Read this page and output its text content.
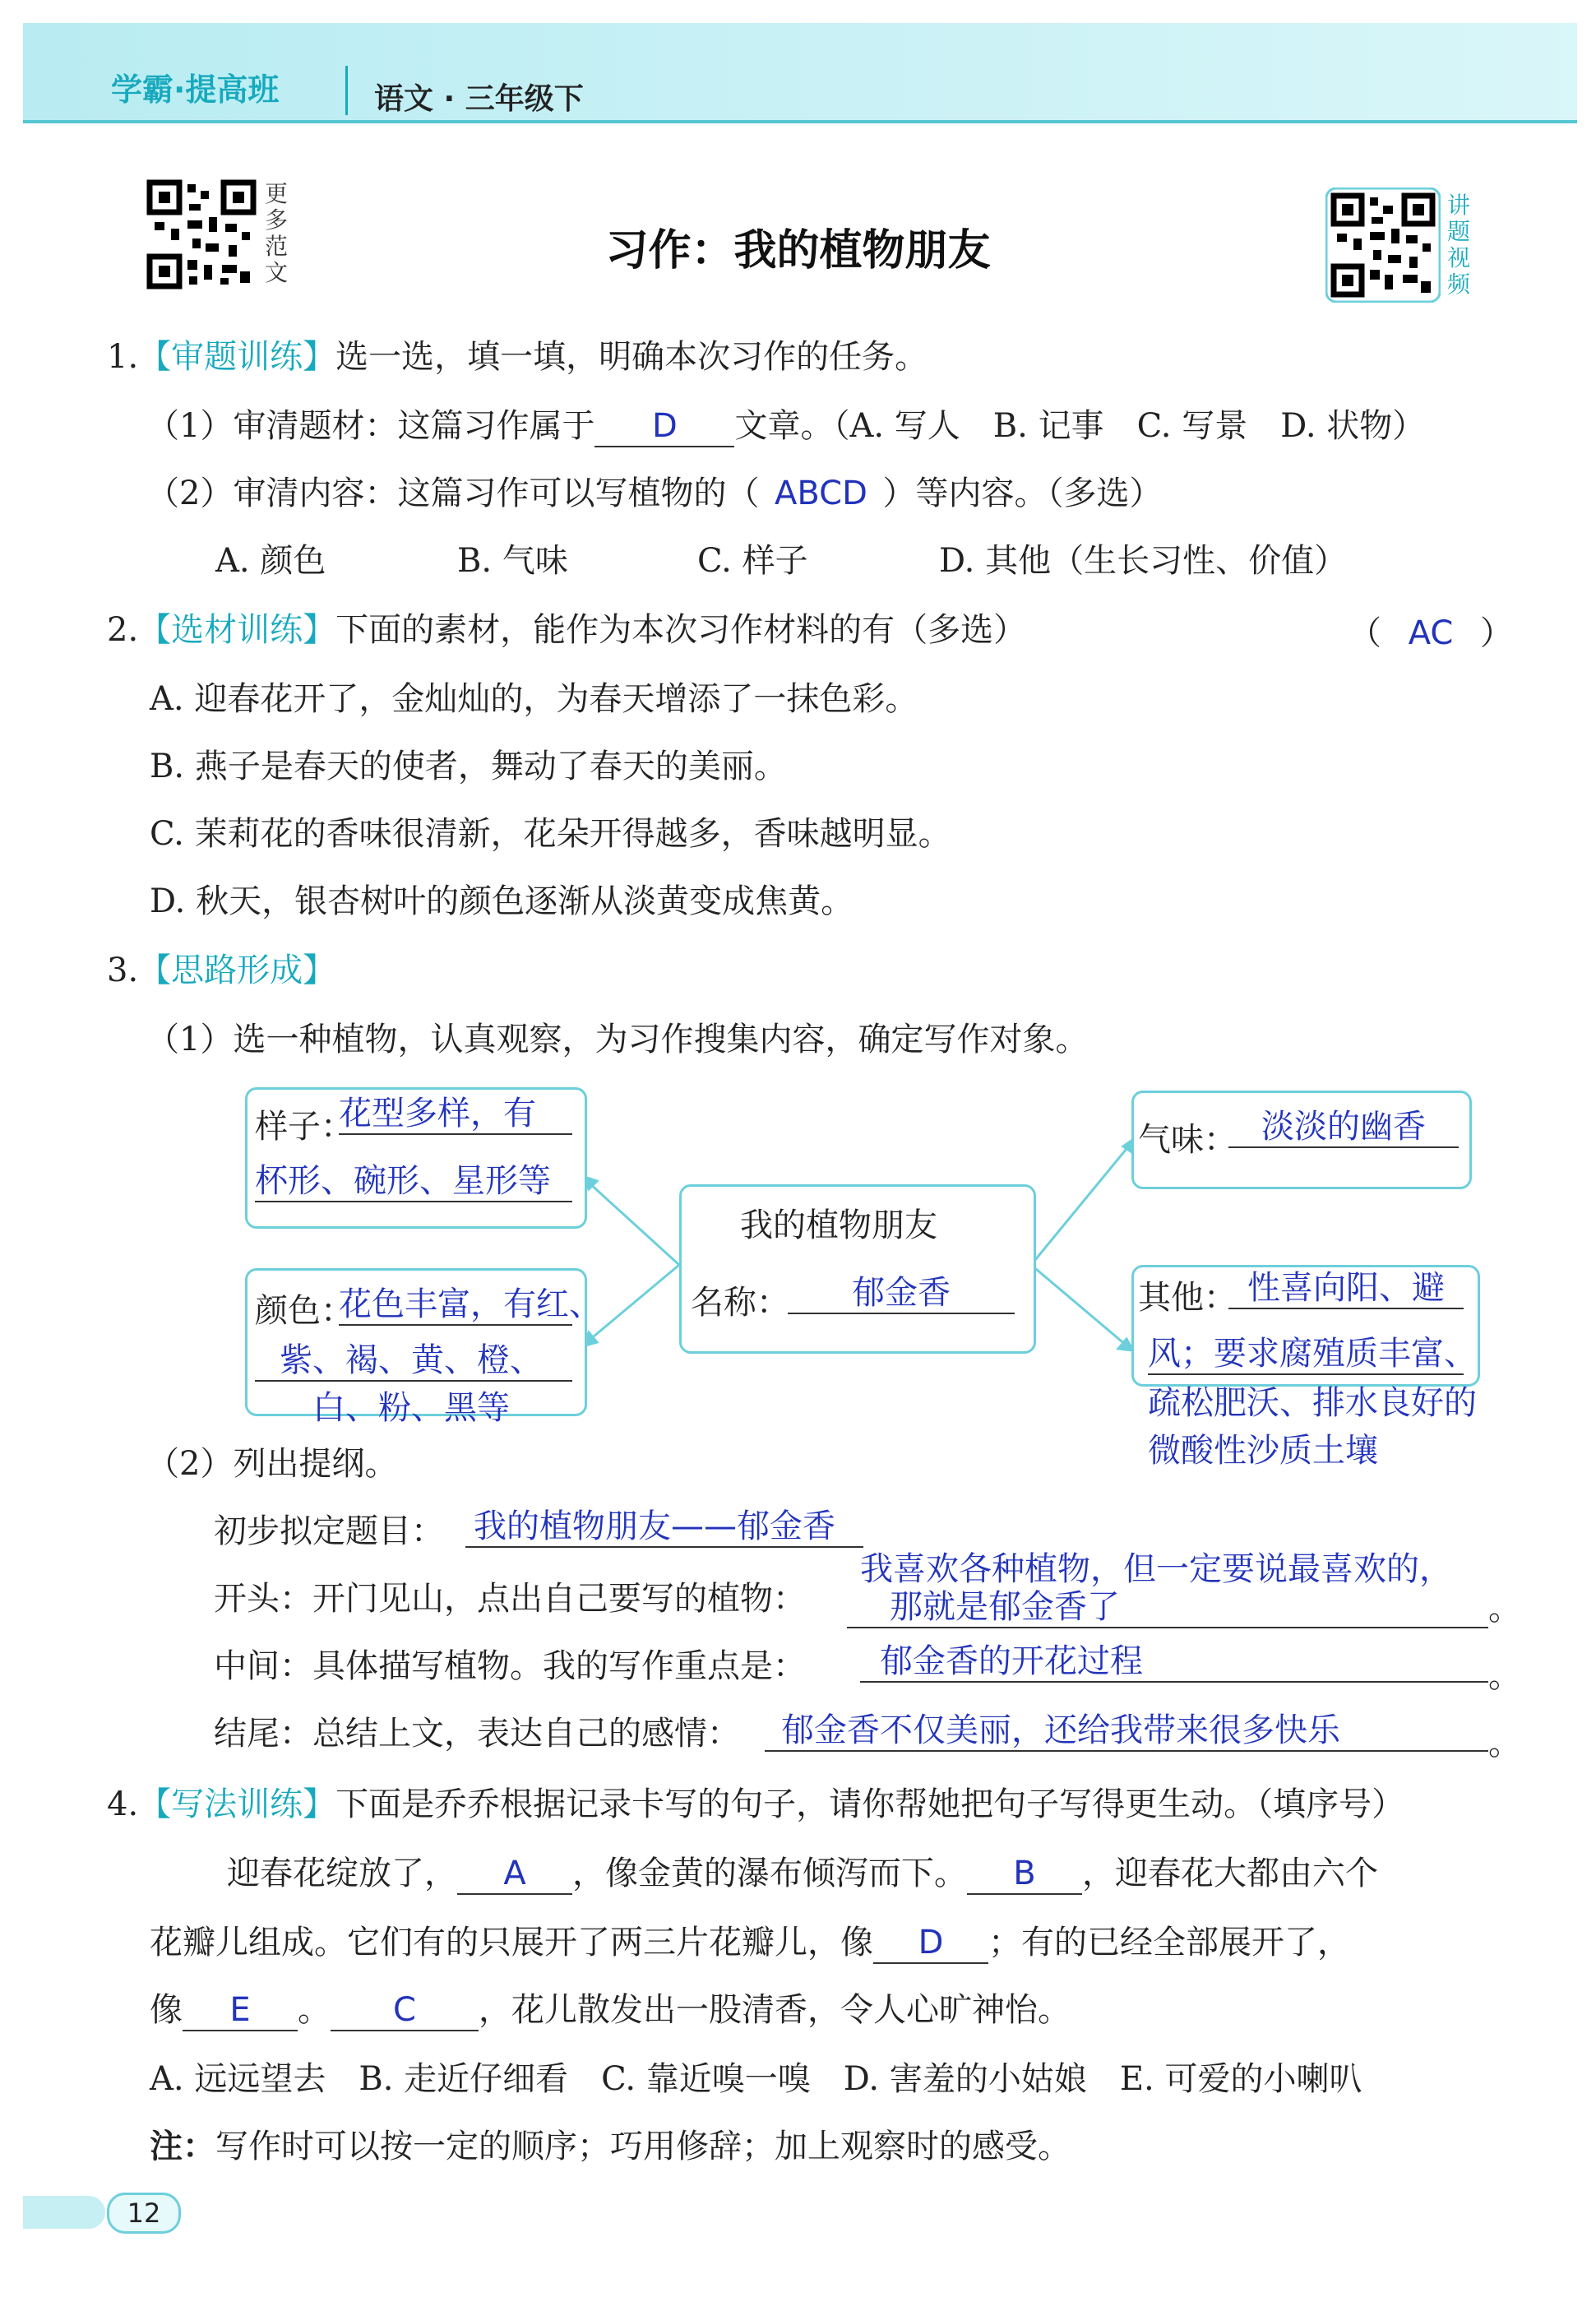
学霸·提高班	语文 · 三年级下
更多范文
讲题视频
习作：我的植物朋友
1.【审题训练】选一选，填一填，明确本次习作的任务。
（1）审清题材：这篇习作属于 D 文章。（A. 写人　B. 记事　C. 写景　D. 状物）
（2）审清内容：这篇习作可以写植物的（ ABCD ）等内容。（多选）
A. 颜色	B. 气味	C. 样子	D. 其他（生长习性、价值）
2.【选材训练】下面的素材，能作为本次习作材料的有（多选）	（ AC ）
A. 迎春花开了，金灿灿的，为春天增添了一抹色彩。
B. 燕子是春天的使者，舞动了春天的美丽。
C. 茉莉花的香味很清新，花朵开得越多，香味越明显。
D. 秋天，银杏树叶的颜色逐渐从淡黄变成焦黄。
3.【思路形成】
（1）选一种植物，认真观察，为习作搜集内容，确定写作对象。
样子：
花型多样，有
杯形、碗形、星形等
颜色：
花色丰富，有红、
紫、褐、黄、橙、
白、粉、黑等
我的植物朋友
名称：	郁金香
气味： 淡淡的幽香
其他： 性喜向阳、避
风；要求腐殖质丰富、
疏松肥沃、排水良好的
微酸性沙质土壤
（2）列出提纲。
初步拟定题目： 我的植物朋友——郁金香
开头：开门见山，点出自己要写的植物：
我喜欢各种植物，但一定要说最喜欢的，
那就是郁金香了	。
中间：具体描写植物。我的写作重点是：	郁金香的开花过程	。
结尾：总结上文，表达自己的感情：	郁金香不仅美丽，还给我带来很多快乐	。
4.【写法训练】下面是乔乔根据记录卡写的句子，请你帮她把句子写得更生动。（填序号）
迎春花绽放了， A ，像金黄的瀑布倾泻而下。 B ，迎春花大都由六个
花瓣儿组成。它们有的只展开了两三片花瓣儿，像 D ；有的已经全部展开了，
像 E 。 C ，花儿散发出一股清香，令人心旷神怡。
A. 远远望去　B. 走近仔细看　C. 靠近嗅一嗅　D. 害羞的小姑娘　E. 可爱的小喇叭
注：写作时可以按一定的顺序；巧用修辞；加上观察时的感受。
12
